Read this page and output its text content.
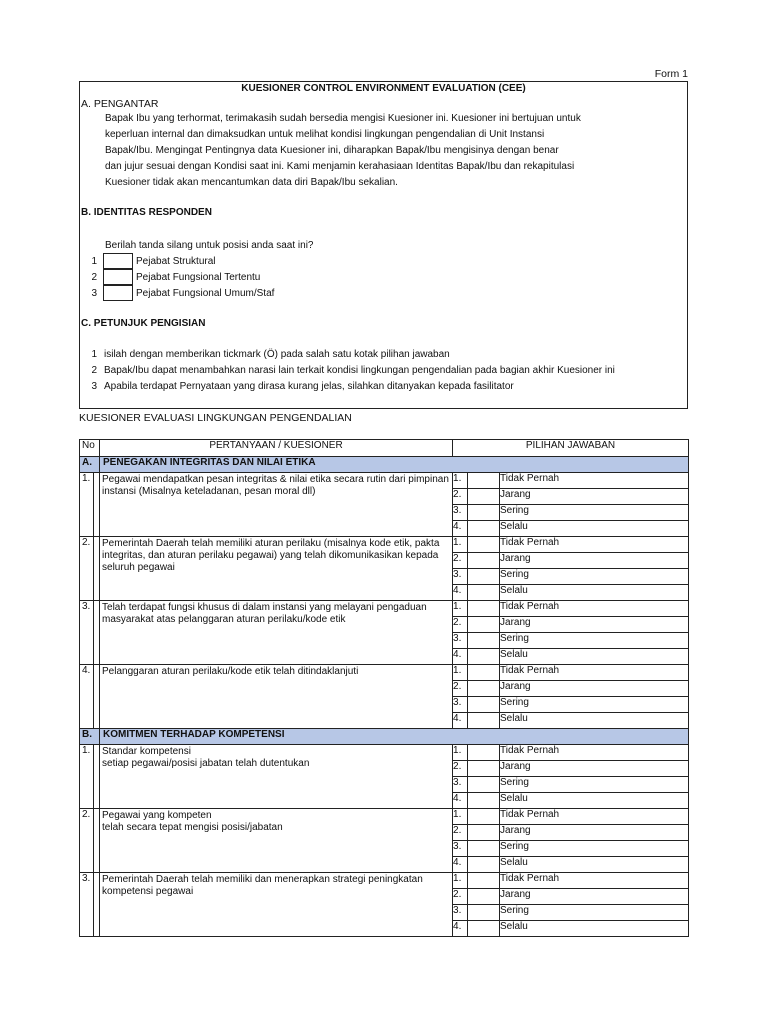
Form 1
KUESIONER CONTROL ENVIRONMENT EVALUATION (CEE)
A. PENGANTAR
Bapak Ibu yang terhormat, terimakasih sudah bersedia mengisi Kuesioner ini. Kuesioner ini bertujuan untuk
keperluan internal dan dimaksudkan untuk melihat kondisi lingkungan pengendalian di Unit Instansi
Bapak/Ibu. Mengingat Pentingnya data Kuesioner ini, diharapkan Bapak/Ibu mengisinya dengan benar
dan jujur sesuai dengan Kondisi saat ini. Kami menjamin kerahasiaan Identitas Bapak/Ibu dan rekapitulasi
Kuesioner tidak akan mencantumkan data diri Bapak/Ibu sekalian.
B. IDENTITAS RESPONDEN
Berilah tanda silang untuk posisi anda saat ini?
1	Pejabat Struktural
2	Pejabat Fungsional Tertentu
3	Pejabat Fungsional Umum/Staf
C. PETUNJUK PENGISIAN
1 isilah dengan memberikan tickmark (Ö) pada salah satu kotak pilihan jawaban
2 Bapak/Ibu dapat menambahkan narasi lain terkait kondisi lingkungan pengendalian pada bagian akhir Kuesioner ini
3 Apabila terdapat Pernyataan yang dirasa kurang jelas, silahkan ditanyakan kepada fasilitator
KUESIONER EVALUASI LINGKUNGAN PENGENDALIAN
No		PERTANYAAN / KUESIONER	PILIHAN JAWABAN		
A.		PENEGAKAN INTEGRITAS DAN NILAI ETIKA			
1.		Pegawai mendapatkan pesan integritas & nilai etika secara rutin dari pimpinan instansi (Misalnya keteladanan, pesan moral dll)	1.		Tidak Pernah
			2.		Jarang
			3.		Sering
			4.		Selalu
2.		Pemerintah Daerah telah memiliki aturan perilaku (misalnya kode etik, pakta integritas, dan aturan perilaku pegawai) yang telah dikomunikasikan kepada seluruh pegawai	1.		Tidak Pernah
			2.		Jarang
			3.		Sering
			4.		Selalu
3.		Telah terdapat fungsi khusus di dalam instansi yang melayani pengaduan masyarakat atas pelanggaran aturan perilaku/kode etik	1.		Tidak Pernah
			2.		Jarang
			3.		Sering
			4.		Selalu
4.		Pelanggaran aturan perilaku/kode etik telah ditindaklanjuti	1.		Tidak Pernah
			2.		Jarang
			3.		Sering
			4.		Selalu
B.		KOMITMEN TERHADAP KOMPETENSI			
1.		Standar kompetensi
setiap pegawai/posisi jabatan telah dutentukan	1.		Tidak Pernah
			2.		Jarang
			3.		Sering
			4.		Selalu
2.		Pegawai yang kompeten
telah secara tepat mengisi posisi/jabatan	1.		Tidak Pernah
			2.		Jarang
			3.		Sering
			4.		Selalu
3.		Pemerintah Daerah telah memiliki dan menerapkan strategi peningkatan
kompetensi pegawai	1.		Tidak Pernah
			2.		Jarang
			3.		Sering
			4.		Selalu
